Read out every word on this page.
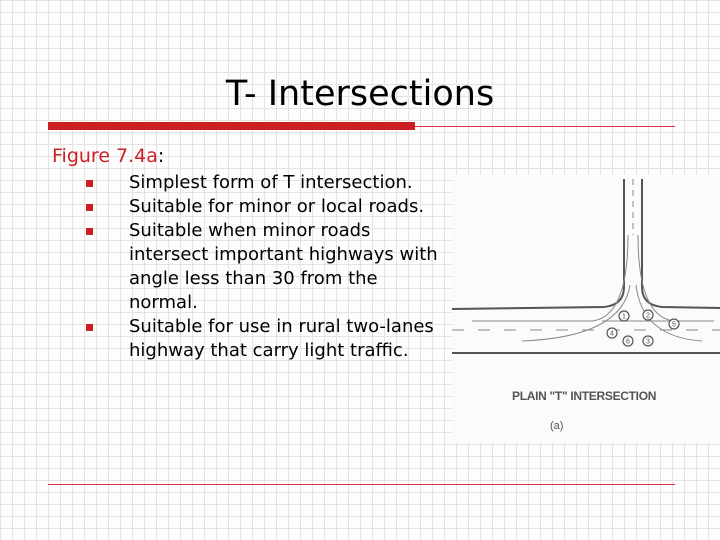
T- Intersections
Figure 7.4a:
Simplest form of T intersection.
Suitable for minor or local roads.
Suitable when minor roads intersect important highways with angle less than 30 from the normal.
Suitable for use in rural two-lanes highway that carry light traffic.
1	2
5
6 3
4
PLAIN "T" INTERSECTION
(a)
